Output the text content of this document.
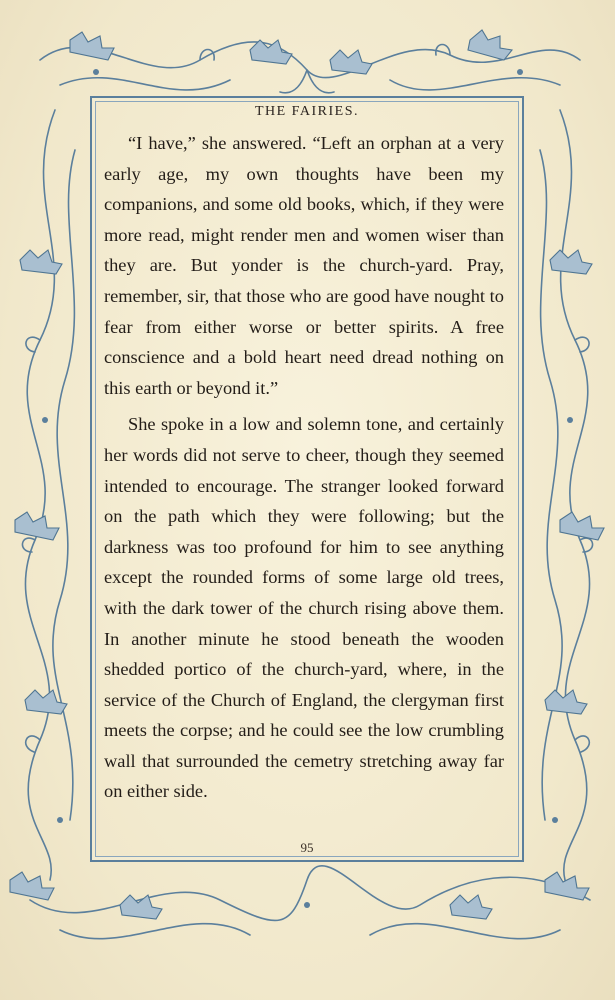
THE FAIRIES.

“I have,” she answered. “Left an orphan at a very early age, my own thoughts have been my companions, and some old books, which, if they were more read, might render men and women wiser than they are. But yonder is the church-yard. Pray, remember, sir, that those who are good have nought to fear from either worse or better spirits. A free conscience and a bold heart need dread nothing on this earth or beyond it.”

She spoke in a low and solemn tone, and certainly her words did not serve to cheer, though they seemed intended to encourage. The stranger looked forward on the path which they were following; but the darkness was too profound for him to see anything except the rounded forms of some large old trees, with the dark tower of the church rising above them. In another minute he stood beneath the wooden shedded portico of the church-yard, where, in the service of the Church of England, the clergyman first meets the corpse; and he could see the low crumbling wall that surrounded the cemetry stretching away far on either side.

95
